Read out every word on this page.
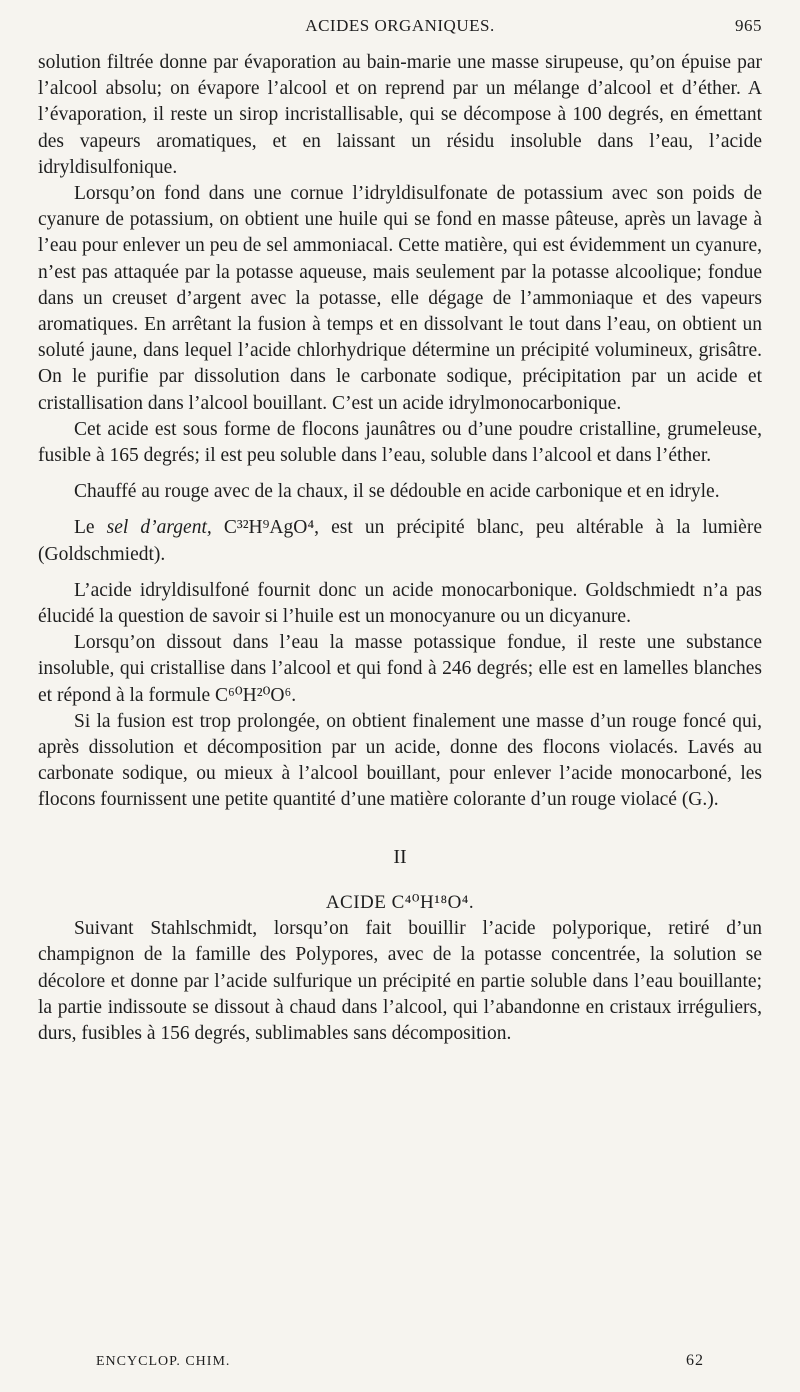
ACIDES ORGANIQUES.	965

solution filtrée donne par évaporation au bain-marie une masse sirupeuse, qu’on épuise par l’alcool absolu; on évapore l’alcool et on reprend par un mélange d’alcool et d’éther. A l’évaporation, il reste un sirop incristallisable, qui se décompose à 100 degrés, en émettant des vapeurs aromatiques, et en laissant un résidu insoluble dans l’eau, l’acide idryldisulfonique.

Lorsqu’on fond dans une cornue l’idryldisulfonate de potassium avec son poids de cyanure de potassium, on obtient une huile qui se fond en masse pâteuse, après un lavage à l’eau pour enlever un peu de sel ammoniacal. Cette matière, qui est évidemment un cyanure, n’est pas attaquée par la potasse aqueuse, mais seulement par la potasse alcoolique; fondue dans un creuset d’argent avec la potasse, elle dégage de l’ammoniaque et des vapeurs aromatiques. En arrêtant la fusion à temps et en dissolvant le tout dans l’eau, on obtient un soluté jaune, dans lequel l’acide chlorhydrique détermine un précipité volumineux, grisâtre. On le purifie par dissolution dans le carbonate sodique, précipitation par un acide et cristallisation dans l’alcool bouillant. C’est un acide idrylmonocarbonique.

Cet acide est sous forme de flocons jaunâtres ou d’une poudre cristalline, grumeleuse, fusible à 165 degrés; il est peu soluble dans l’eau, soluble dans l’alcool et dans l’éther.

Chauffé au rouge avec de la chaux, il se dédouble en acide carbonique et en idryle.

Le sel d’argent, C³²H⁹AgO⁴, est un précipité blanc, peu altérable à la lumière (Goldschmiedt).

L’acide idryldisulfoné fournit donc un acide monocarbonique. Goldschmiedt n’a pas élucidé la question de savoir si l’huile est un monocyanure ou un dicyanure.

Lorsqu’on dissout dans l’eau la masse potassique fondue, il reste une substance insoluble, qui cristallise dans l’alcool et qui fond à 246 degrés; elle est en lamelles blanches et répond à la formule C⁶⁰H²⁰O⁶.

Si la fusion est trop prolongée, on obtient finalement une masse d’un rouge foncé qui, après dissolution et décomposition par un acide, donne des flocons violacés. Lavés au carbonate sodique, ou mieux à l’alcool bouillant, pour enlever l’acide monocarboné, les flocons fournissent une petite quantité d’une matière colorante d’un rouge violacé (G.).

II
ACIDE C⁴⁰H¹⁸O⁴.

Suivant Stahlschmidt, lorsqu’on fait bouillir l’acide polyporique, retiré d’un champignon de la famille des Polypores, avec de la potasse concentrée, la solution se décolore et donne par l’acide sulfurique un précipité en partie soluble dans l’eau bouillante; la partie indissoute se dissout à chaud dans l’alcool, qui l’abandonne en cristaux irréguliers, durs, fusibles à 156 degrés, sublimables sans décomposition.

ENCYCLOP. CHIM.	62
